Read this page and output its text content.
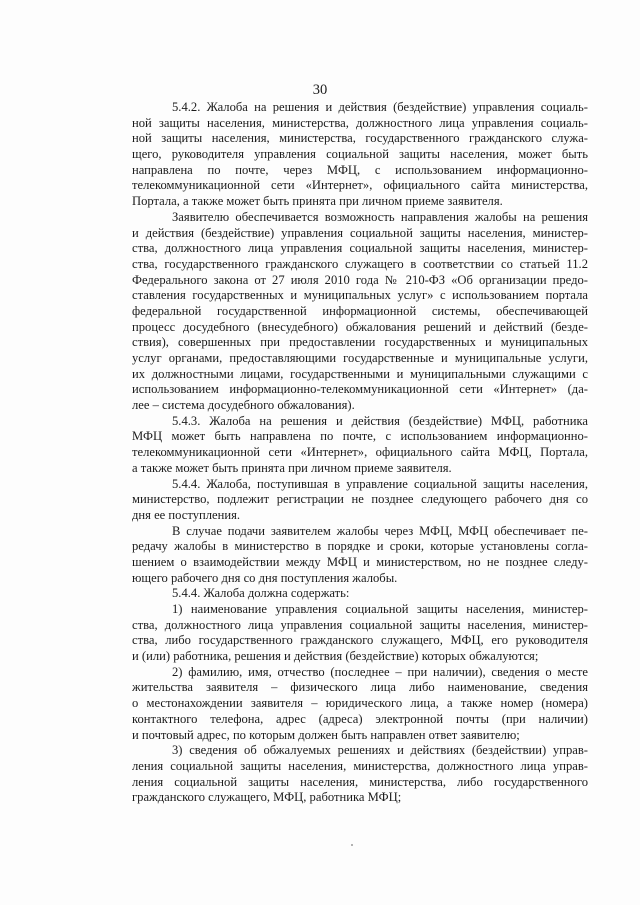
30
5.4.2. Жалоба на решения и действия (бездействие) управления социаль-
ной защиты населения, министерства, должностного лица управления социаль-
ной защиты населения, министерства, государственного гражданского служа-
щего, руководителя управления социальной защиты населения, может быть
направлена по почте, через МФЦ, с использованием информационно-
телекоммуникационной сети «Интернет», официального сайта министерства,
Портала, а также может быть принята при личном приеме заявителя.
Заявителю обеспечивается возможность направления жалобы на решения
и действия (бездействие) управления социальной защиты населения, министер-
ства, должностного лица управления социальной защиты населения, министер-
ства, государственного гражданского служащего в соответствии со статьей 11.2
Федерального закона от 27 июля 2010 года № 210-ФЗ «Об организации предо-
ставления государственных и муниципальных услуг» с использованием портала
федеральной государственной информационной системы, обеспечивающей
процесс досудебного (внесудебного) обжалования решений и действий (безде-
ствия), совершенных при предоставлении государственных и муниципальных
услуг органами, предоставляющими государственные и муниципальные услуги,
их должностными лицами, государственными и муниципальными служащими с
использованием информационно-телекоммуникационной сети «Интернет» (да-
лее – система досудебного обжалования).
5.4.3. Жалоба на решения и действия (бездействие) МФЦ, работника
МФЦ может быть направлена по почте, с использованием информационно-
телекоммуникационной сети «Интернет», официального сайта МФЦ, Портала,
а также может быть принята при личном приеме заявителя.
5.4.4. Жалоба, поступившая в управление социальной защиты населения,
министерство, подлежит регистрации не позднее следующего рабочего дня со
дня ее поступления.
В случае подачи заявителем жалобы через МФЦ, МФЦ обеспечивает пе-
редачу жалобы в министерство в порядке и сроки, которые установлены согла-
шением о взаимодействии между МФЦ и министерством, но не позднее следу-
ющего рабочего дня со дня поступления жалобы.
5.4.4. Жалоба должна содержать:
1) наименование управления социальной защиты населения, министер-
ства, должностного лица управления социальной защиты населения, министер-
ства, либо государственного гражданского служащего, МФЦ, его руководителя
и (или) работника, решения и действия (бездействие) которых обжалуются;
2) фамилию, имя, отчество (последнее – при наличии), сведения о месте
жительства заявителя – физического лица либо наименование, сведения
о местонахождении заявителя – юридического лица, а также номер (номера)
контактного телефона, адрес (адреса) электронной почты (при наличии)
и почтовый адрес, по которым должен быть направлен ответ заявителю;
3) сведения об обжалуемых решениях и действиях (бездействии) управ-
ления социальной защиты населения, министерства, должностного лица управ-
ления социальной защиты населения, министерства, либо государственного
гражданского служащего, МФЦ, работника МФЦ;
